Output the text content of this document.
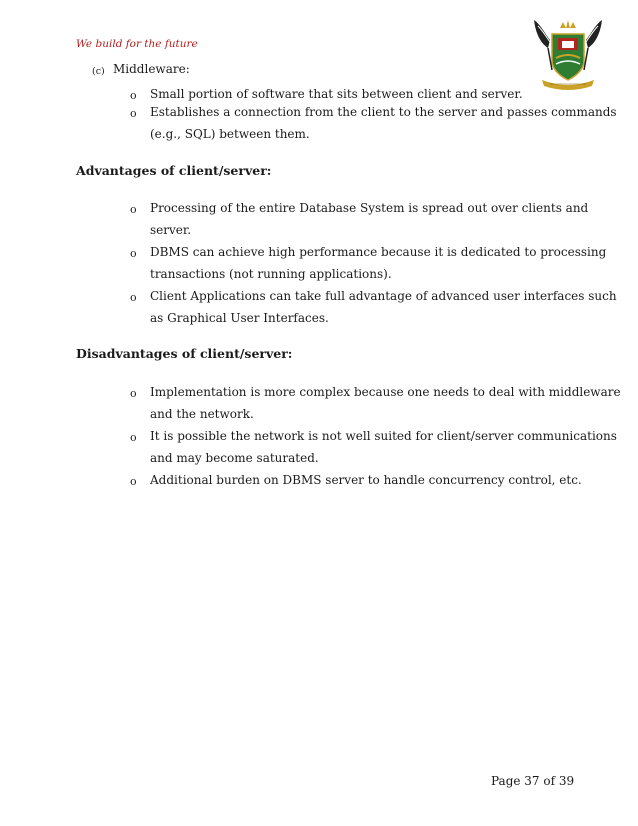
We build for the future
(c) Middleware:
o Small portion of software that sits between client and server.
o Establishes a connection from the client to the server and passes commands
(e.g., SQL) between them.
Advantages of client/server:
o Processing of the entire Database System is spread out over clients and
server.
o DBMS can achieve high performance because it is dedicated to processing
transactions (not running applications).
o Client Applications can take full advantage of advanced user interfaces such
as Graphical User Interfaces.
Disadvantages of client/server:
o Implementation is more complex because one needs to deal with middleware
and the network.
o It is possible the network is not well suited for client/server communications
and may become saturated.
o Additional burden on DBMS server to handle concurrency control, etc.
Page 37 of 39
